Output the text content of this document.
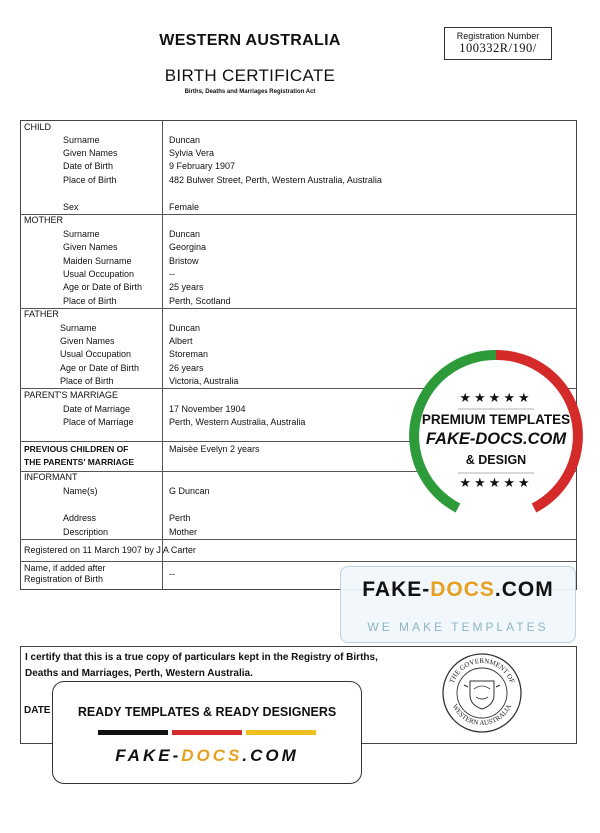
WESTERN AUSTRALIA
BIRTH CERTIFICATE
Births, Deaths and Marriages Registration Act
Registration Number
100332R/190/
CHILD
Surname	Duncan
Given Names	Sylvia Vera
Date of Birth	9 February 1907
Place of Birth	482 Bulwer Street, Perth, Western Australia, Australia
Sex	Female
MOTHER
Surname	Duncan
Given Names	Georgina
Maiden Surname	Bristow
Usual Occupation	--
Age or Date of Birth	25 years
Place of Birth	Perth, Scotland
FATHER
Surname	Duncan
Given Names	Albert
Usual Occupation	Storeman
Age or Date of Birth	26 years
Place of Birth	Victoria, Australia
PARENT'S MARRIAGE
Date of Marriage	17 November 1904
Place of Marriage	Perth, Western Australia, Australia
PREVIOUS CHILDREN OF
THE PARENTS' MARRIAGE
Maisèe Evelyn 2 years
INFORMANT
Name(s)	G Duncan
Address	Perth
Description	Mother
Registered on 11 March 1907 by J A Carter
Name, if added after
Registration of Birth	--
I certify that this is a true copy of particulars kept in the Registry of Births, Deaths and Marriages, Perth, Western Australia.
DATE
THE GOVERNMENT OF
WESTERN AUSTRALIA
★★★★★
PREMIUM TEMPLATES
FAKE-DOCS.COM
& DESIGN
★★★★★
FAKE-DOCS.COM
WE MAKE TEMPLATES
READY TEMPLATES & READY DESIGNERS
FAKE-DOCS.COM
